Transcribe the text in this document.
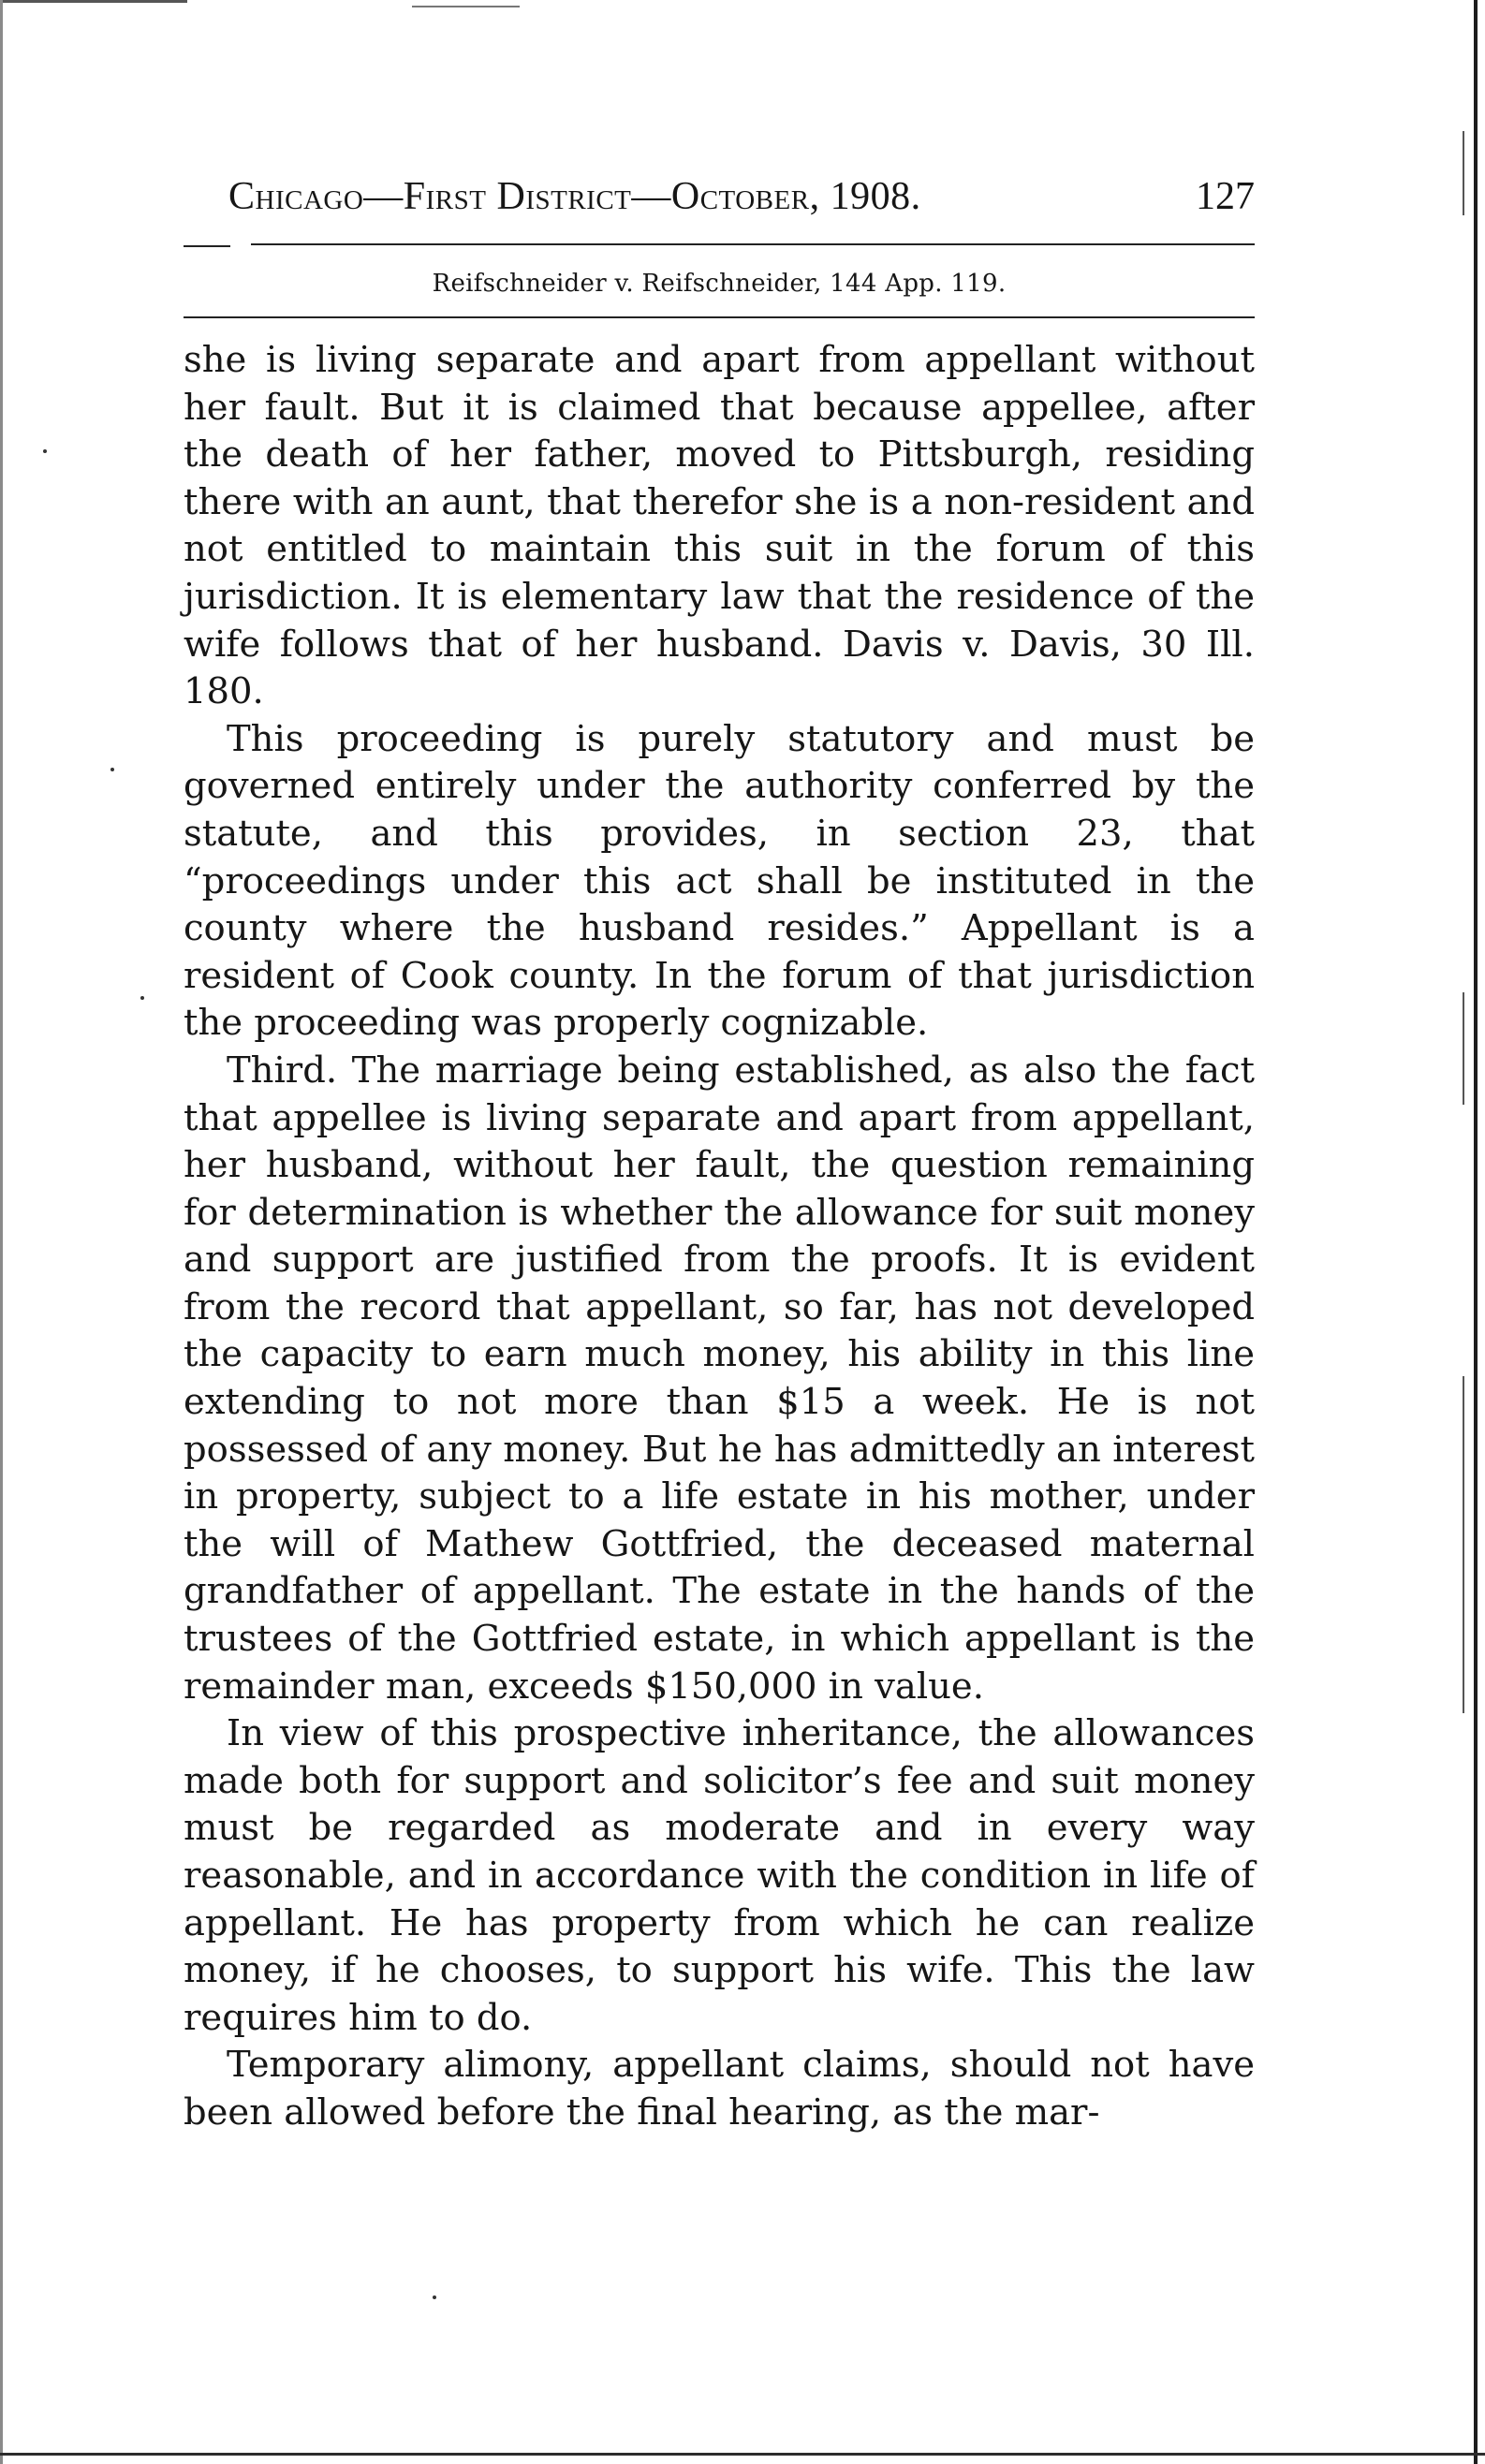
Chicago—First District—October, 1908.	127
Reifschneider v. Reifschneider, 144 App. 119.

she is living separate and apart from appellant without her fault. But it is claimed that because appellee, after the death of her father, moved to Pittsburgh, residing there with an aunt, that therefor she is a non-resident and not entitled to maintain this suit in the forum of this jurisdiction. It is elementary law that the residence of the wife follows that of her husband. Davis v. Davis, 30 Ill. 180.

This proceeding is purely statutory and must be governed entirely under the authority conferred by the statute, and this provides, in section 23, that “proceedings under this act shall be instituted in the county where the husband resides.” Appellant is a resident of Cook county. In the forum of that jurisdiction the proceeding was properly cognizable.

Third. The marriage being established, as also the fact that appellee is living separate and apart from appellant, her husband, without her fault, the question remaining for determination is whether the allowance for suit money and support are justified from the proofs. It is evident from the record that appellant, so far, has not developed the capacity to earn much money, his ability in this line extending to not more than $15 a week. He is not possessed of any money. But he has admittedly an interest in property, subject to a life estate in his mother, under the will of Mathew Gottfried, the deceased maternal grandfather of appellant. The estate in the hands of the trustees of the Gottfried estate, in which appellant is the remainder man, exceeds $150,000 in value.

In view of this prospective inheritance, the allowances made both for support and solicitor’s fee and suit money must be regarded as moderate and in every way reasonable, and in accordance with the condition in life of appellant. He has property from which he can realize money, if he chooses, to support his wife. This the law requires him to do.

Temporary alimony, appellant claims, should not have been allowed before the final hearing, as the mar-
